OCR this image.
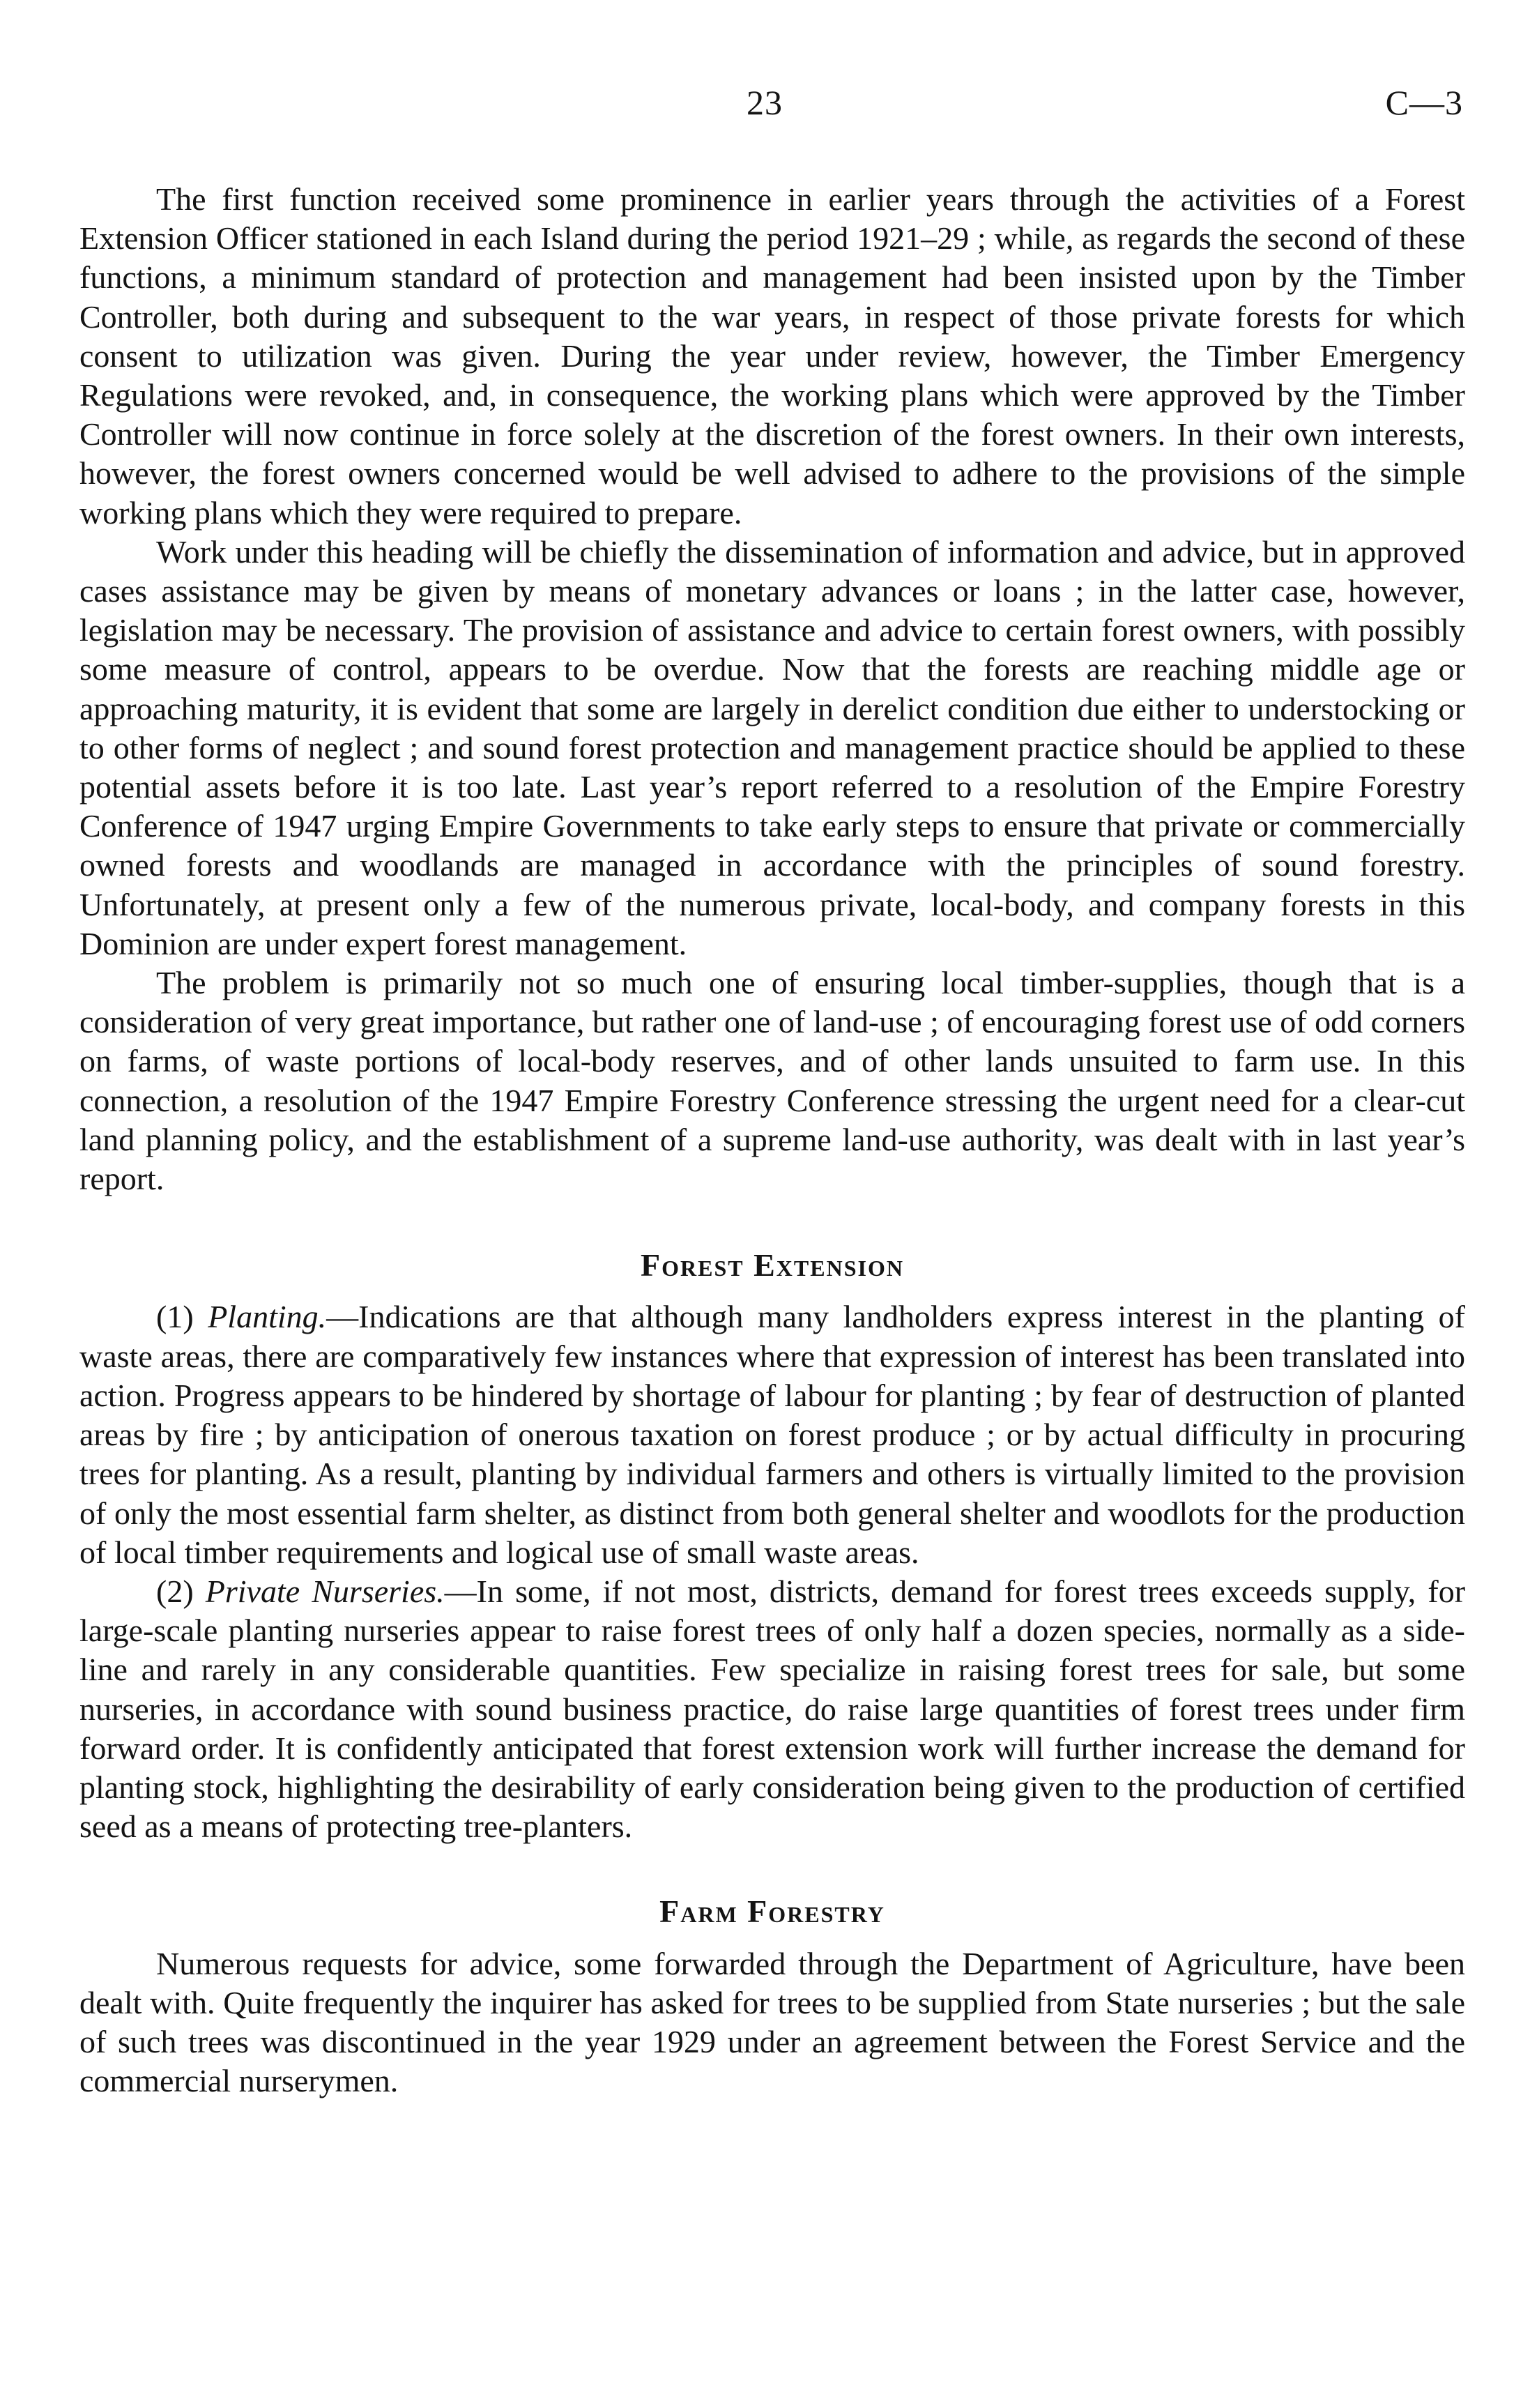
23	C—3

The first function received some prominence in earlier years through the activities of a Forest Extension Officer stationed in each Island during the period 1921–29 ; while, as regards the second of these functions, a minimum standard of protection and management had been insisted upon by the Timber Controller, both during and subsequent to the war years, in respect of those private forests for which consent to utilization was given. During the year under review, however, the Timber Emergency Regulations were revoked, and, in consequence, the working plans which were approved by the Timber Controller will now continue in force solely at the discretion of the forest owners. In their own interests, however, the forest owners concerned would be well advised to adhere to the provisions of the simple working plans which they were required to prepare.

Work under this heading will be chiefly the dissemination of information and advice, but in approved cases assistance may be given by means of monetary advances or loans ; in the latter case, however, legislation may be necessary. The provision of assistance and advice to certain forest owners, with possibly some measure of control, appears to be overdue. Now that the forests are reaching middle age or approaching maturity, it is evident that some are largely in derelict condition due either to understocking or to other forms of neglect ; and sound forest protection and management practice should be applied to these potential assets before it is too late. Last year’s report referred to a resolution of the Empire Forestry Conference of 1947 urging Empire Governments to take early steps to ensure that private or commercially owned forests and woodlands are managed in accordance with the principles of sound forestry. Unfortunately, at present only a few of the numerous private, local-body, and company forests in this Dominion are under expert forest management.

The problem is primarily not so much one of ensuring local timber-supplies, though that is a consideration of very great importance, but rather one of land-use ; of encouraging forest use of odd corners on farms, of waste portions of local-body reserves, and of other lands unsuited to farm use. In this connection, a resolution of the 1947 Empire Forestry Conference stressing the urgent need for a clear-cut land planning policy, and the establishment of a supreme land-use authority, was dealt with in last year’s report.

Forest Extension

(1) Planting.—Indications are that although many landholders express interest in the planting of waste areas, there are comparatively few instances where that expression of interest has been translated into action. Progress appears to be hindered by shortage of labour for planting ; by fear of destruction of planted areas by fire ; by anticipation of onerous taxation on forest produce ; or by actual difficulty in procuring trees for planting. As a result, planting by individual farmers and others is virtually limited to the provision of only the most essential farm shelter, as distinct from both general shelter and woodlots for the production of local timber requirements and logical use of small waste areas.

(2) Private Nurseries.—In some, if not most, districts, demand for forest trees exceeds supply, for large-scale planting nurseries appear to raise forest trees of only half a dozen species, normally as a side-line and rarely in any considerable quantities. Few specialize in raising forest trees for sale, but some nurseries, in accordance with sound business practice, do raise large quantities of forest trees under firm forward order. It is confidently anticipated that forest extension work will further increase the demand for planting stock, highlighting the desirability of early consideration being given to the production of certified seed as a means of protecting tree-planters.

Farm Forestry

Numerous requests for advice, some forwarded through the Department of Agriculture, have been dealt with. Quite frequently the inquirer has asked for trees to be supplied from State nurseries ; but the sale of such trees was discontinued in the year 1929 under an agreement between the Forest Service and the commercial nurserymen.
